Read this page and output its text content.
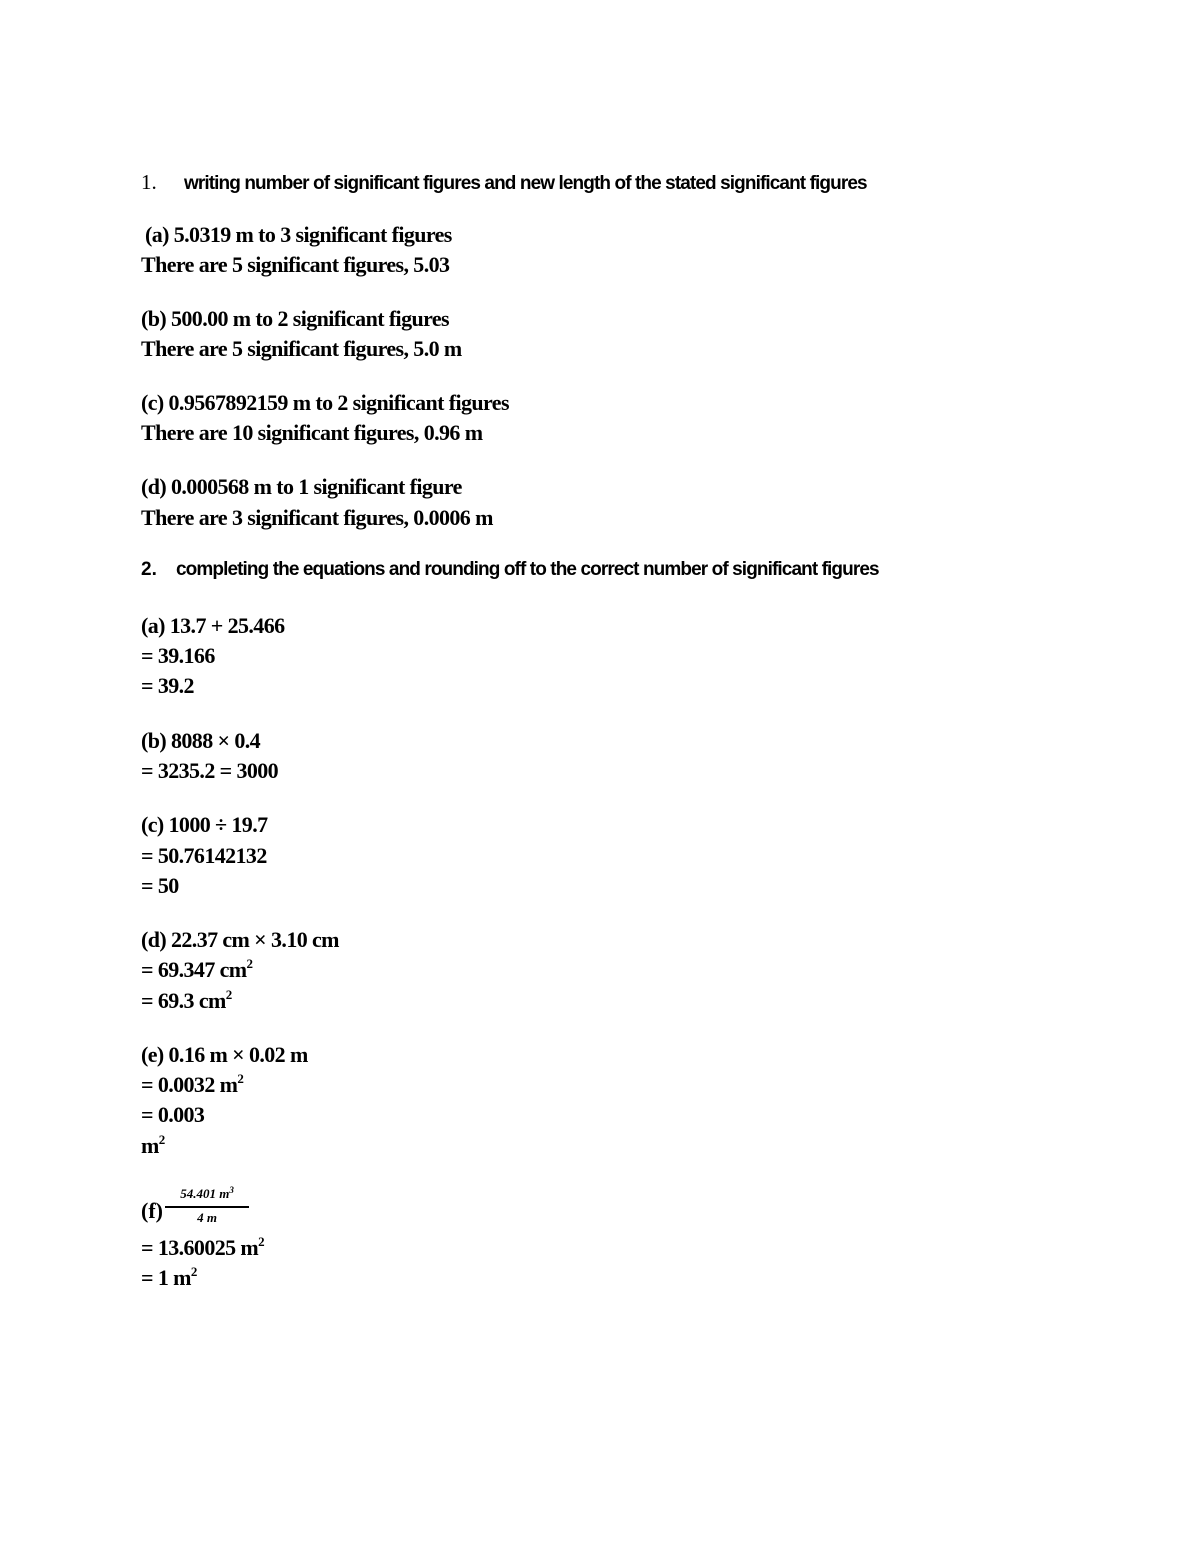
1. writing number of significant figures and new length of the stated significant figures
(a) 5.0319 m to 3 significant figures
There are 5 significant figures, 5.03
(b) 500.00 m to 2 significant figures
There are 5 significant figures, 5.0 m
(c) 0.9567892159 m to 2 significant figures
There are 10 significant figures, 0.96 m
(d) 0.000568 m to 1 significant figure
There are 3 significant figures, 0.0006 m
2. completing the equations and rounding off to the correct number of significant figures
(a) 13.7 + 25.466
= 39.166
= 39.2
(b) 8088 × 0.4
= 3235.2 = 3000
(c) 1000 ÷ 19.7
= 50.76142132
= 50
(d) 22.37 cm × 3.10 cm
= 69.347 $cm^2$
= 69.3 $cm^2$
(e) 0.16 m × 0.02 m
= 0.0032 $m^2$
= 0.003
$m^2$
(f)
54.401 $m^3$
4 m
= 13.60025 $m^2$
= 1 $m^2$
